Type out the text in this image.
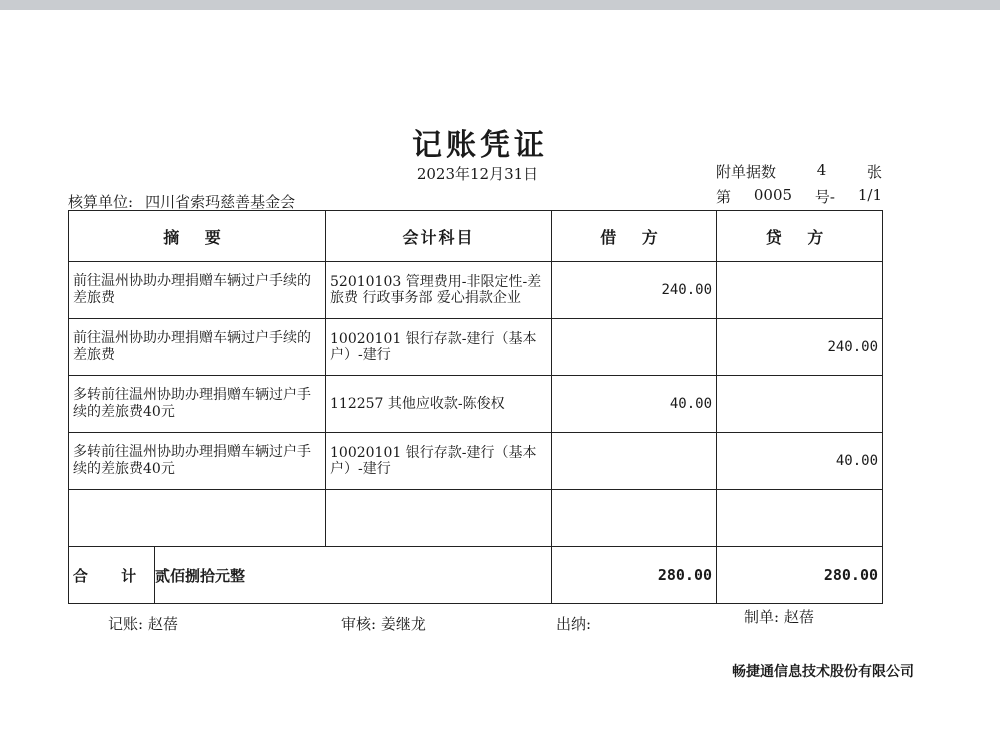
记账凭证
2023年12月31日	附单据数	4	张
第 0005 号- 1/1
核算单位: 四川省索玛慈善基金会
摘 要		会计科目	借 方	贷 方
前往温州协助办理捐赠车辆过户手续的差旅费		52010103 管理费用-非限定性-差旅费 行政事务部 爱心捐款企业	240.00	
前往温州协助办理捐赠车辆过户手续的差旅费		10020101 银行存款-建行（基本户）-建行		240.00
多转前往温州协助办理捐赠车辆过户手续的差旅费40元		112257 其他应收款-陈俊权	40.00	
多转前往温州协助办理捐赠车辆过户手续的差旅费40元		10020101 银行存款-建行（基本户）-建行		40.00

合 计	贰佰捌拾元整		280.00	280.00
记账: 赵蓓	审核: 姜继龙	出纳:	制单: 赵蓓
畅捷通信息技术股份有限公司
